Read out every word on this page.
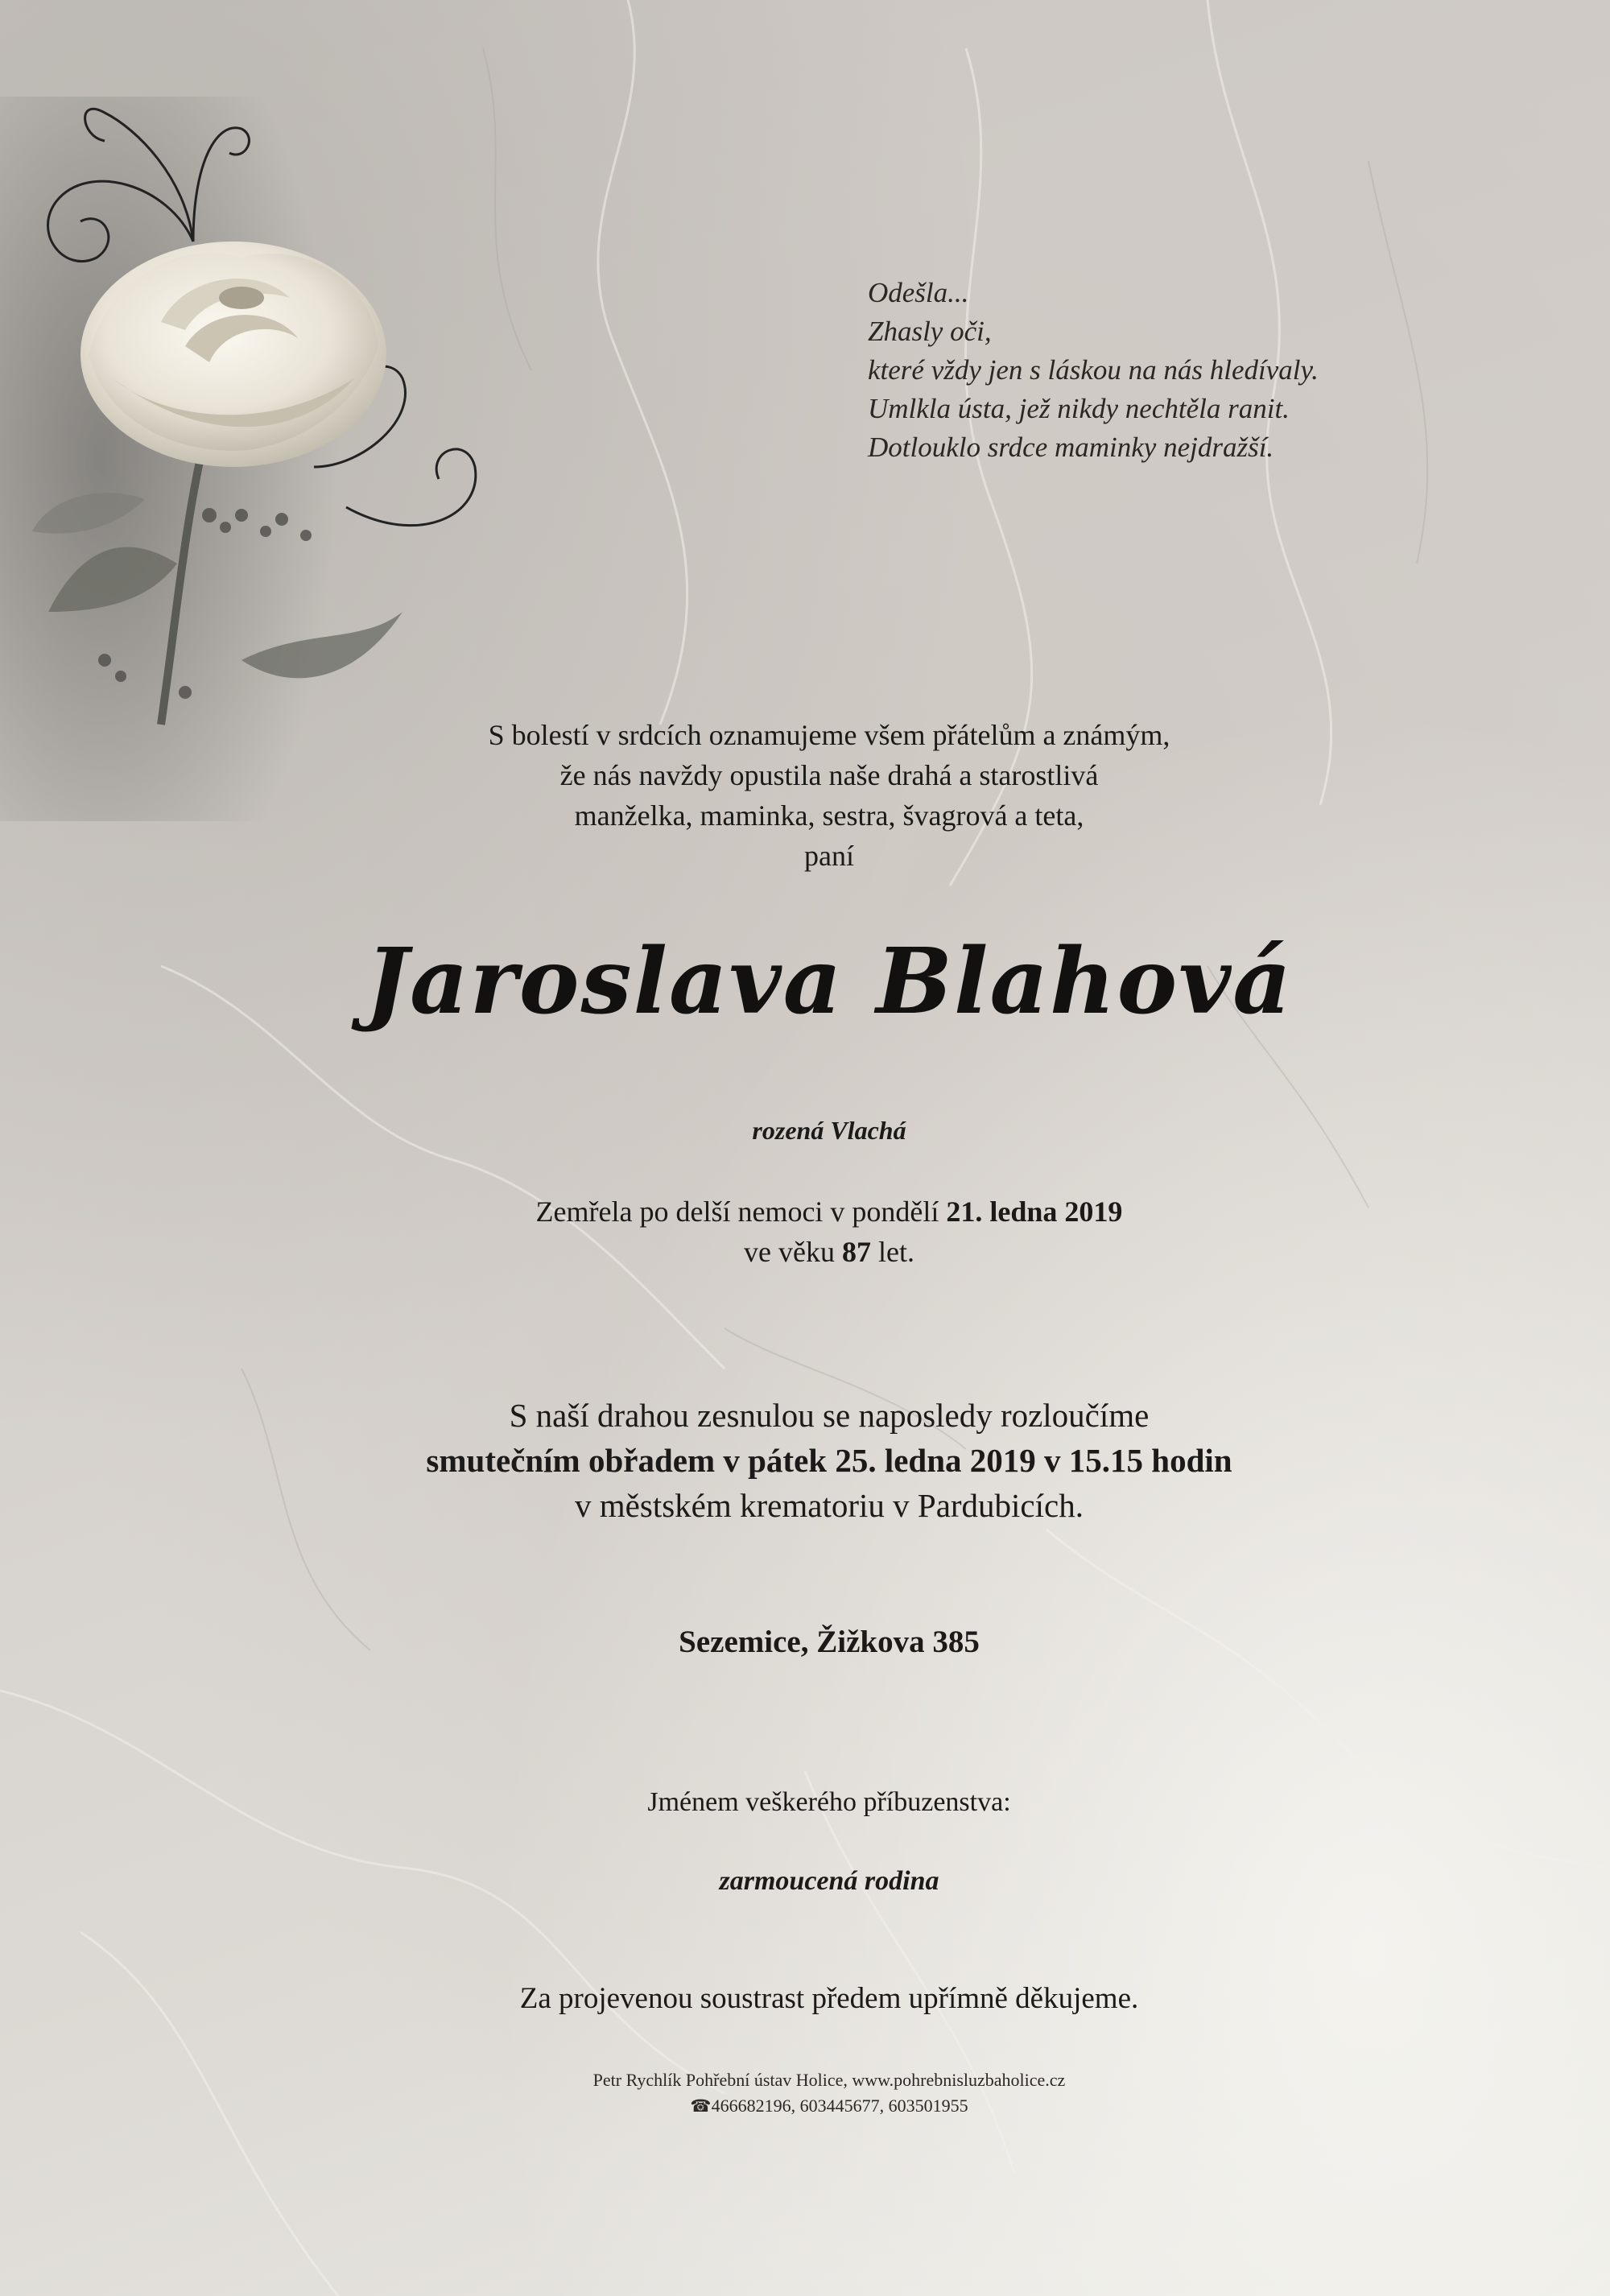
Odešla...
Zhasly oči,
které vždy jen s láskou na nás hledívaly.
Umlkla ústa, jež nikdy nechtěla ranit.
Dotlouklo srdce maminky nejdražší.
S bolestí v srdcích oznamujeme všem přátelům a známým,
že nás navždy opustila naše drahá a starostlivá
manželka, maminka, sestra, švagrová a teta,
paní
Jaroslava Blahová
rozená Vlachá
Zemřela po delší nemoci v pondělí 21. ledna 2019
ve věku 87 let.
S naší drahou zesnulou se naposledy rozloučíme
smutečním obřadem v pátek 25. ledna 2019 v 15.15 hodin
v městském krematoriu v Pardubicích.
Sezemice, Žižkova 385
Jménem veškerého příbuzenstva:
zarmoucená rodina
Za projevenou soustrast předem upřímně děkujeme.
Petr Rychlík Pohřební ústav Holice, www.pohrebnisluzbaholice.cz
☎466682196, 603445677, 603501955
